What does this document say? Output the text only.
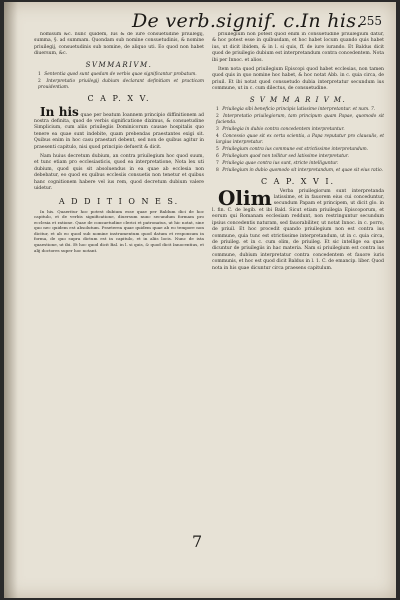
De verb.signif. c.In his.
255

nomisum &c. nunc quidem, Ius & de iure consuetudine priuilegij, summa, §. ad summam. Quondam sub nomine consuetudinis, & nomine priuilegij, consuetudinis sub nomine, de aliquo uti. Eo quod non habet diuersum, &c.

SVMMARIVM.
1 Sententia quod sunt quedam de verbis quae significantur probatum.
2 Interpretatio priuilegij dubium declarant definitiam et practicam prouidentiam.
C A P. X V.

In his quae per beatum Ioannem principio diffinitionem ad nostra definita, quod de verbis significatione diximus, & consuetudine Simplicium, cum aliis priuilegiis Dominicorum causae hospitalis quo tenere ea quae sunt indebite, quam prebendas praestantes exigi sit. Quibus enim in hoc casu praestari debent, sed non de quibus agitur in praesenti capitulo, nisi quod principio defuerit & dicit.

Nam huius decretum dubium, an contra priuilegium hoc quod suum, et tunc etiam pro ecclesiasticis, quod ea interpretatione, Nota lex uti dubium, quod quis sit absoluendus in ea quae ab ecclesia non debebatur, eo quod ex quibus ecclesiis consuetis non tenetur et quibus hanc cognitionem habere vel ius rem, quod decretum dubium valere uidetur.

A D D I T I O N E S.

In his. Quaeritur hoc potest dubium esse quae per Baldum dici de hoc capitulo, et de verbis significatione, diuersum nunc secundum formam pro ecclesia et ratione. Quae de consuetudine clerici et patronatus, ut hic notat, sine quo nec quidem est absolutum. Praeterea quae quidem quae ab eo tempore non dicitur, et ab eo quod sub nomine instrumentum quod datum et responsum in forma, de quo supra dictum est in capitulo, et in aliis locis. Nunc de ista quaestione, ut ibi. Et hoc quod dicit Bal. in l. si quis, & quod dicit Innocentius, et alij doctores super hoc notant.

priuilegium non potest quod enim in consuetudine priuilegium datur, & hoc potest esse in quibusdam, et hoc habet locum quando quis habet ius, ut dicit ibidem, & in l. si quis, ff. de iure iurando. Et Baldus dicit quod de priuilegio dubium est interpretandum contra concedentem. Nota ibi per Innoc. et alios.

Item nota quod priuilegium Episcopi quod habet ecclesias, non tamen quod quis in quo nomine hoc habet, & hoc notat Abb. in c. quia circa, de priuil. Et ibi notat quod consuetudo dubia interpretatur secundum ius commune, ut in c. cum dilectus, de consuetudine.

S V M M A R I V M.
1 Priuilegia sibi beneficio principis latissime interpretantur. et num. 7.
2 Interpretatio priuilegiorum, tam principum quam Papae, quomodo sit facienda.
3 Priuilegia in dubio contra concedentem interpretantur.
4 Concessio quae sit ex certa scientia, a Papa reputatur pro clausulis, et largius interpretatur.
5 Priuilegium contra ius commune est strictissime interpretandum.
6 Priuilegium quod non tollitur sed latissime interpretatur.
7 Priuilegia quae contra ius sunt, stricte intelliguntur.
8 Priuilegium in dubio quomodo sit interpretandum, et quae sit eius ratio.
C A P. X V I.

Olim Verba priuilegiorum sunt interpretanda latissime, et in fauorem eius cui conceduntur, secundum Papam et principem, ut dicit glo. in l. fin. C. de legib. et ibi Bald. Sicut etiam priuilegia Episcoporum, et eorum qui Romanam ecclesiam reddunt, non restringuntur secundum ipsius concedentis naturam, sed fauorabiliter, ut notat Innoc. in c. porro, de priuil. Et hoc procedit quando priuilegium non est contra ius commune, quia tunc est strictissime interpretandum, ut in c. quia circa, de priuileg. et in c. cum olim, de priuileg. Et sic intellige ea quae dicuntur de priuilegiis in hac materia. Nam si priuilegium est contra ius commune, dubium interpretatur contra concedentem et fauore iuris communis, et hoc est quod dicit Baldus in l. 1. C. de emancip. liber. Quod nota in his quae dicuntur circa praesens capitulum.

7
